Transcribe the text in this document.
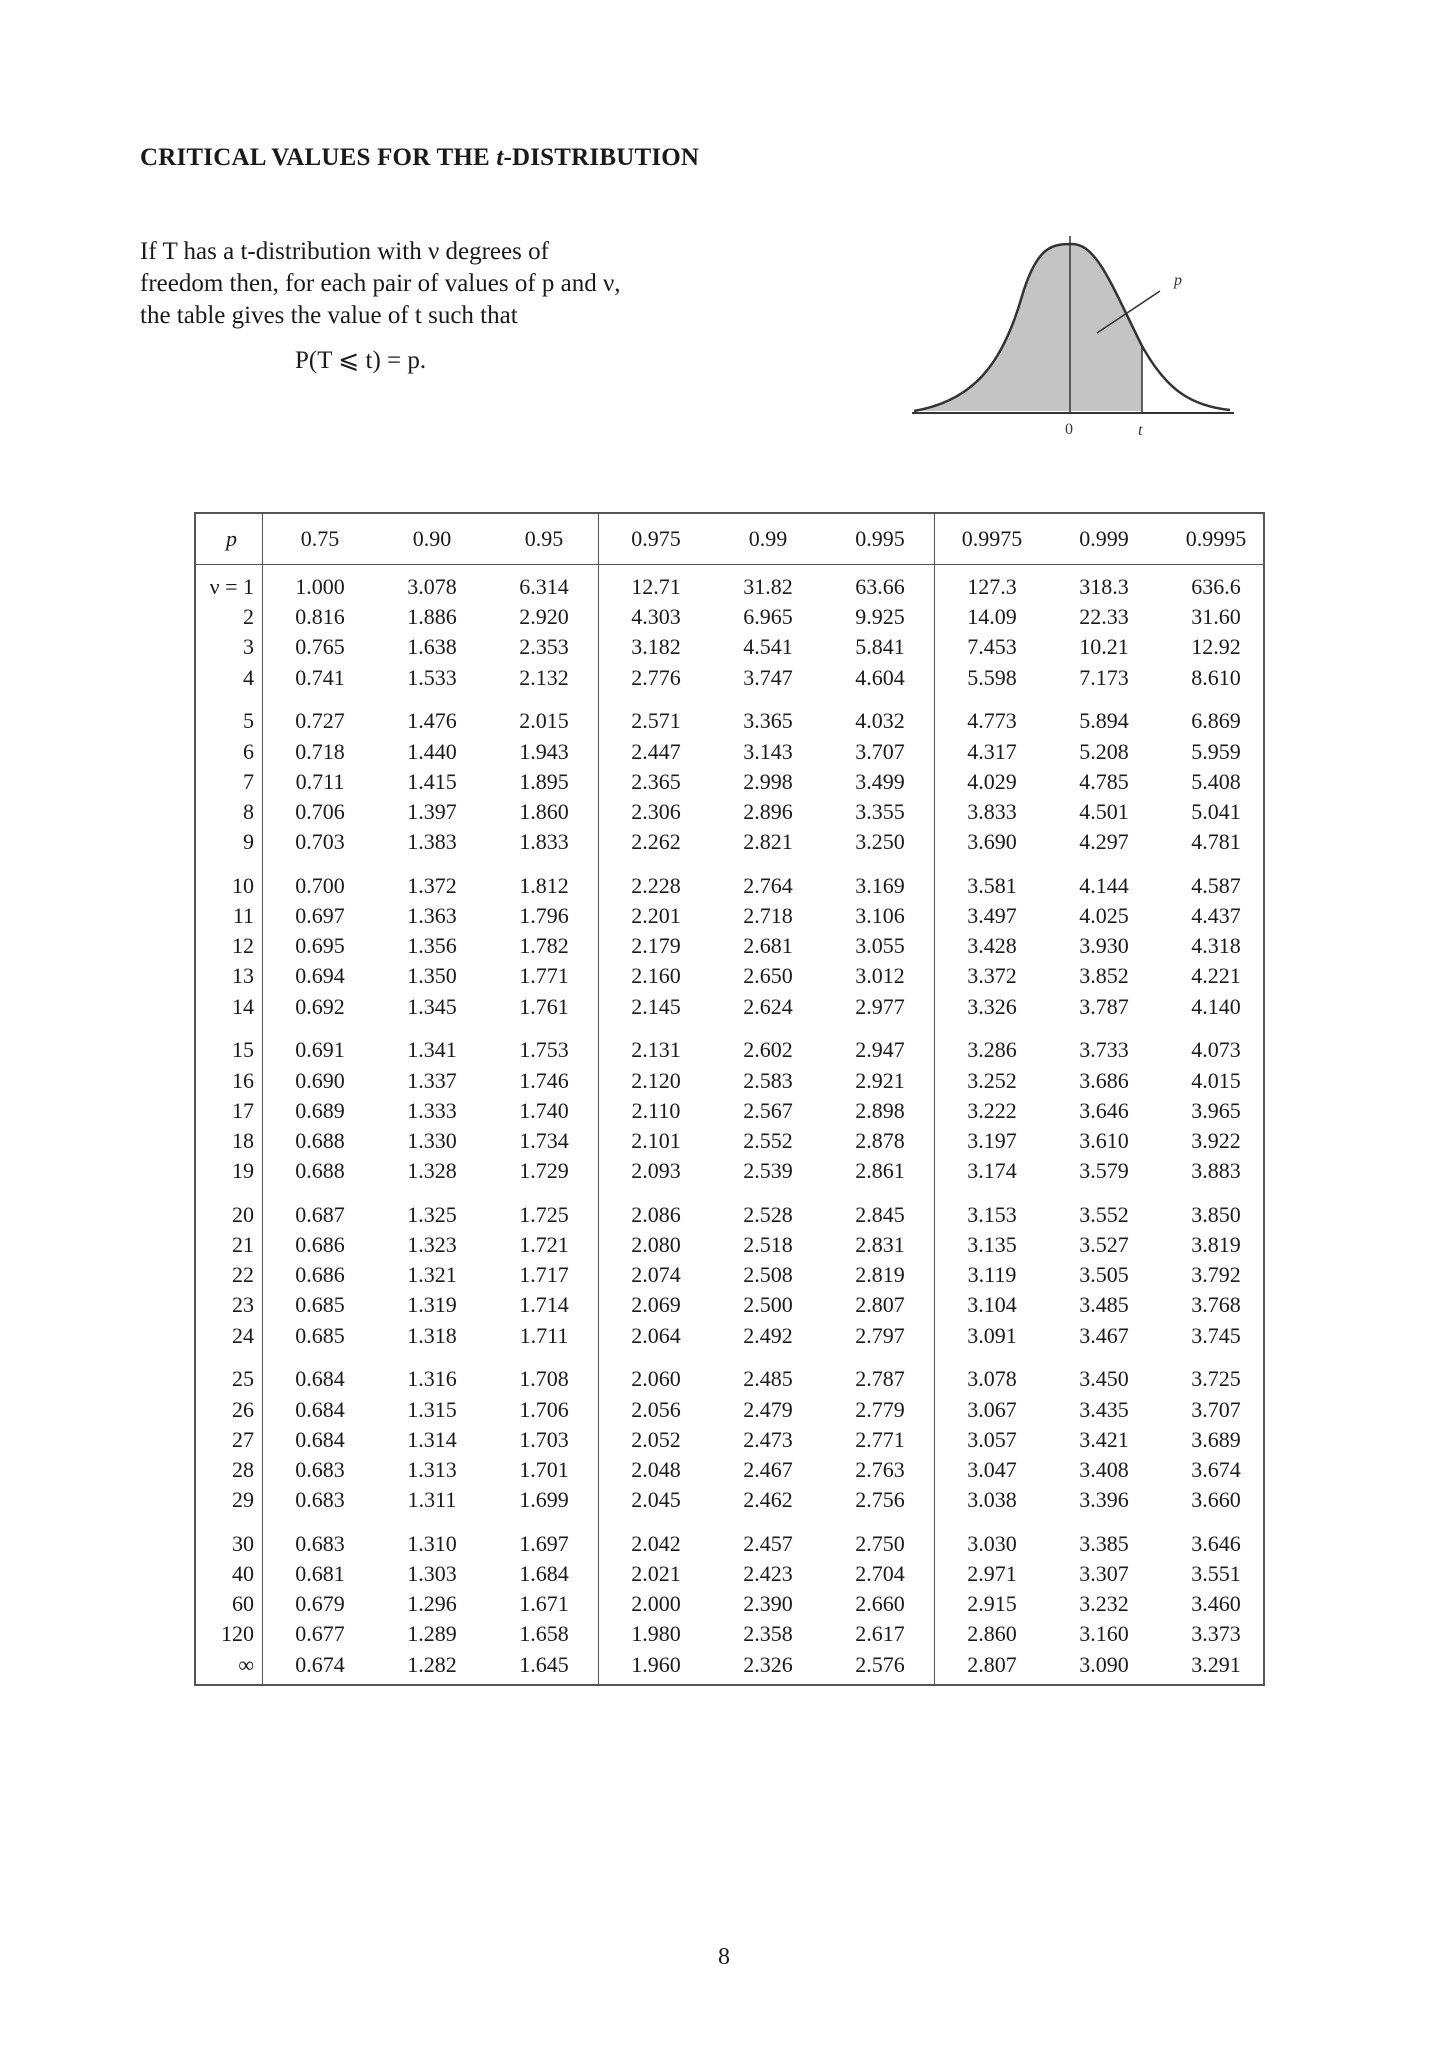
CRITICAL VALUES FOR THE t-DISTRIBUTION
If T has a t-distribution with ν degrees of
freedom then, for each pair of values of p and ν,
the table gives the value of t such that
P(T ⩽ t) = p.
p
0	t
p	0.75	0.90	0.95	0.975	0.99	0.995	0.9975	0.999	0.9995
ν = 1	1.000	3.078	6.314	12.71	31.82	63.66	127.3	318.3	636.6
2	0.816	1.886	2.920	4.303	6.965	9.925	14.09	22.33	31.60
3	0.765	1.638	2.353	3.182	4.541	5.841	7.453	10.21	12.92
4	0.741	1.533	2.132	2.776	3.747	4.604	5.598	7.173	8.610
5	0.727	1.476	2.015	2.571	3.365	4.032	4.773	5.894	6.869
6	0.718	1.440	1.943	2.447	3.143	3.707	4.317	5.208	5.959
7	0.711	1.415	1.895	2.365	2.998	3.499	4.029	4.785	5.408
8	0.706	1.397	1.860	2.306	2.896	3.355	3.833	4.501	5.041
9	0.703	1.383	1.833	2.262	2.821	3.250	3.690	4.297	4.781
10	0.700	1.372	1.812	2.228	2.764	3.169	3.581	4.144	4.587
11	0.697	1.363	1.796	2.201	2.718	3.106	3.497	4.025	4.437
12	0.695	1.356	1.782	2.179	2.681	3.055	3.428	3.930	4.318
13	0.694	1.350	1.771	2.160	2.650	3.012	3.372	3.852	4.221
14	0.692	1.345	1.761	2.145	2.624	2.977	3.326	3.787	4.140
15	0.691	1.341	1.753	2.131	2.602	2.947	3.286	3.733	4.073
16	0.690	1.337	1.746	2.120	2.583	2.921	3.252	3.686	4.015
17	0.689	1.333	1.740	2.110	2.567	2.898	3.222	3.646	3.965
18	0.688	1.330	1.734	2.101	2.552	2.878	3.197	3.610	3.922
19	0.688	1.328	1.729	2.093	2.539	2.861	3.174	3.579	3.883
20	0.687	1.325	1.725	2.086	2.528	2.845	3.153	3.552	3.850
21	0.686	1.323	1.721	2.080	2.518	2.831	3.135	3.527	3.819
22	0.686	1.321	1.717	2.074	2.508	2.819	3.119	3.505	3.792
23	0.685	1.319	1.714	2.069	2.500	2.807	3.104	3.485	3.768
24	0.685	1.318	1.711	2.064	2.492	2.797	3.091	3.467	3.745
25	0.684	1.316	1.708	2.060	2.485	2.787	3.078	3.450	3.725
26	0.684	1.315	1.706	2.056	2.479	2.779	3.067	3.435	3.707
27	0.684	1.314	1.703	2.052	2.473	2.771	3.057	3.421	3.689
28	0.683	1.313	1.701	2.048	2.467	2.763	3.047	3.408	3.674
29	0.683	1.311	1.699	2.045	2.462	2.756	3.038	3.396	3.660
30	0.683	1.310	1.697	2.042	2.457	2.750	3.030	3.385	3.646
40	0.681	1.303	1.684	2.021	2.423	2.704	2.971	3.307	3.551
60	0.679	1.296	1.671	2.000	2.390	2.660	2.915	3.232	3.460
120	0.677	1.289	1.658	1.980	2.358	2.617	2.860	3.160	3.373
∞	0.674	1.282	1.645	1.960	2.326	2.576	2.807	3.090	3.291
8
